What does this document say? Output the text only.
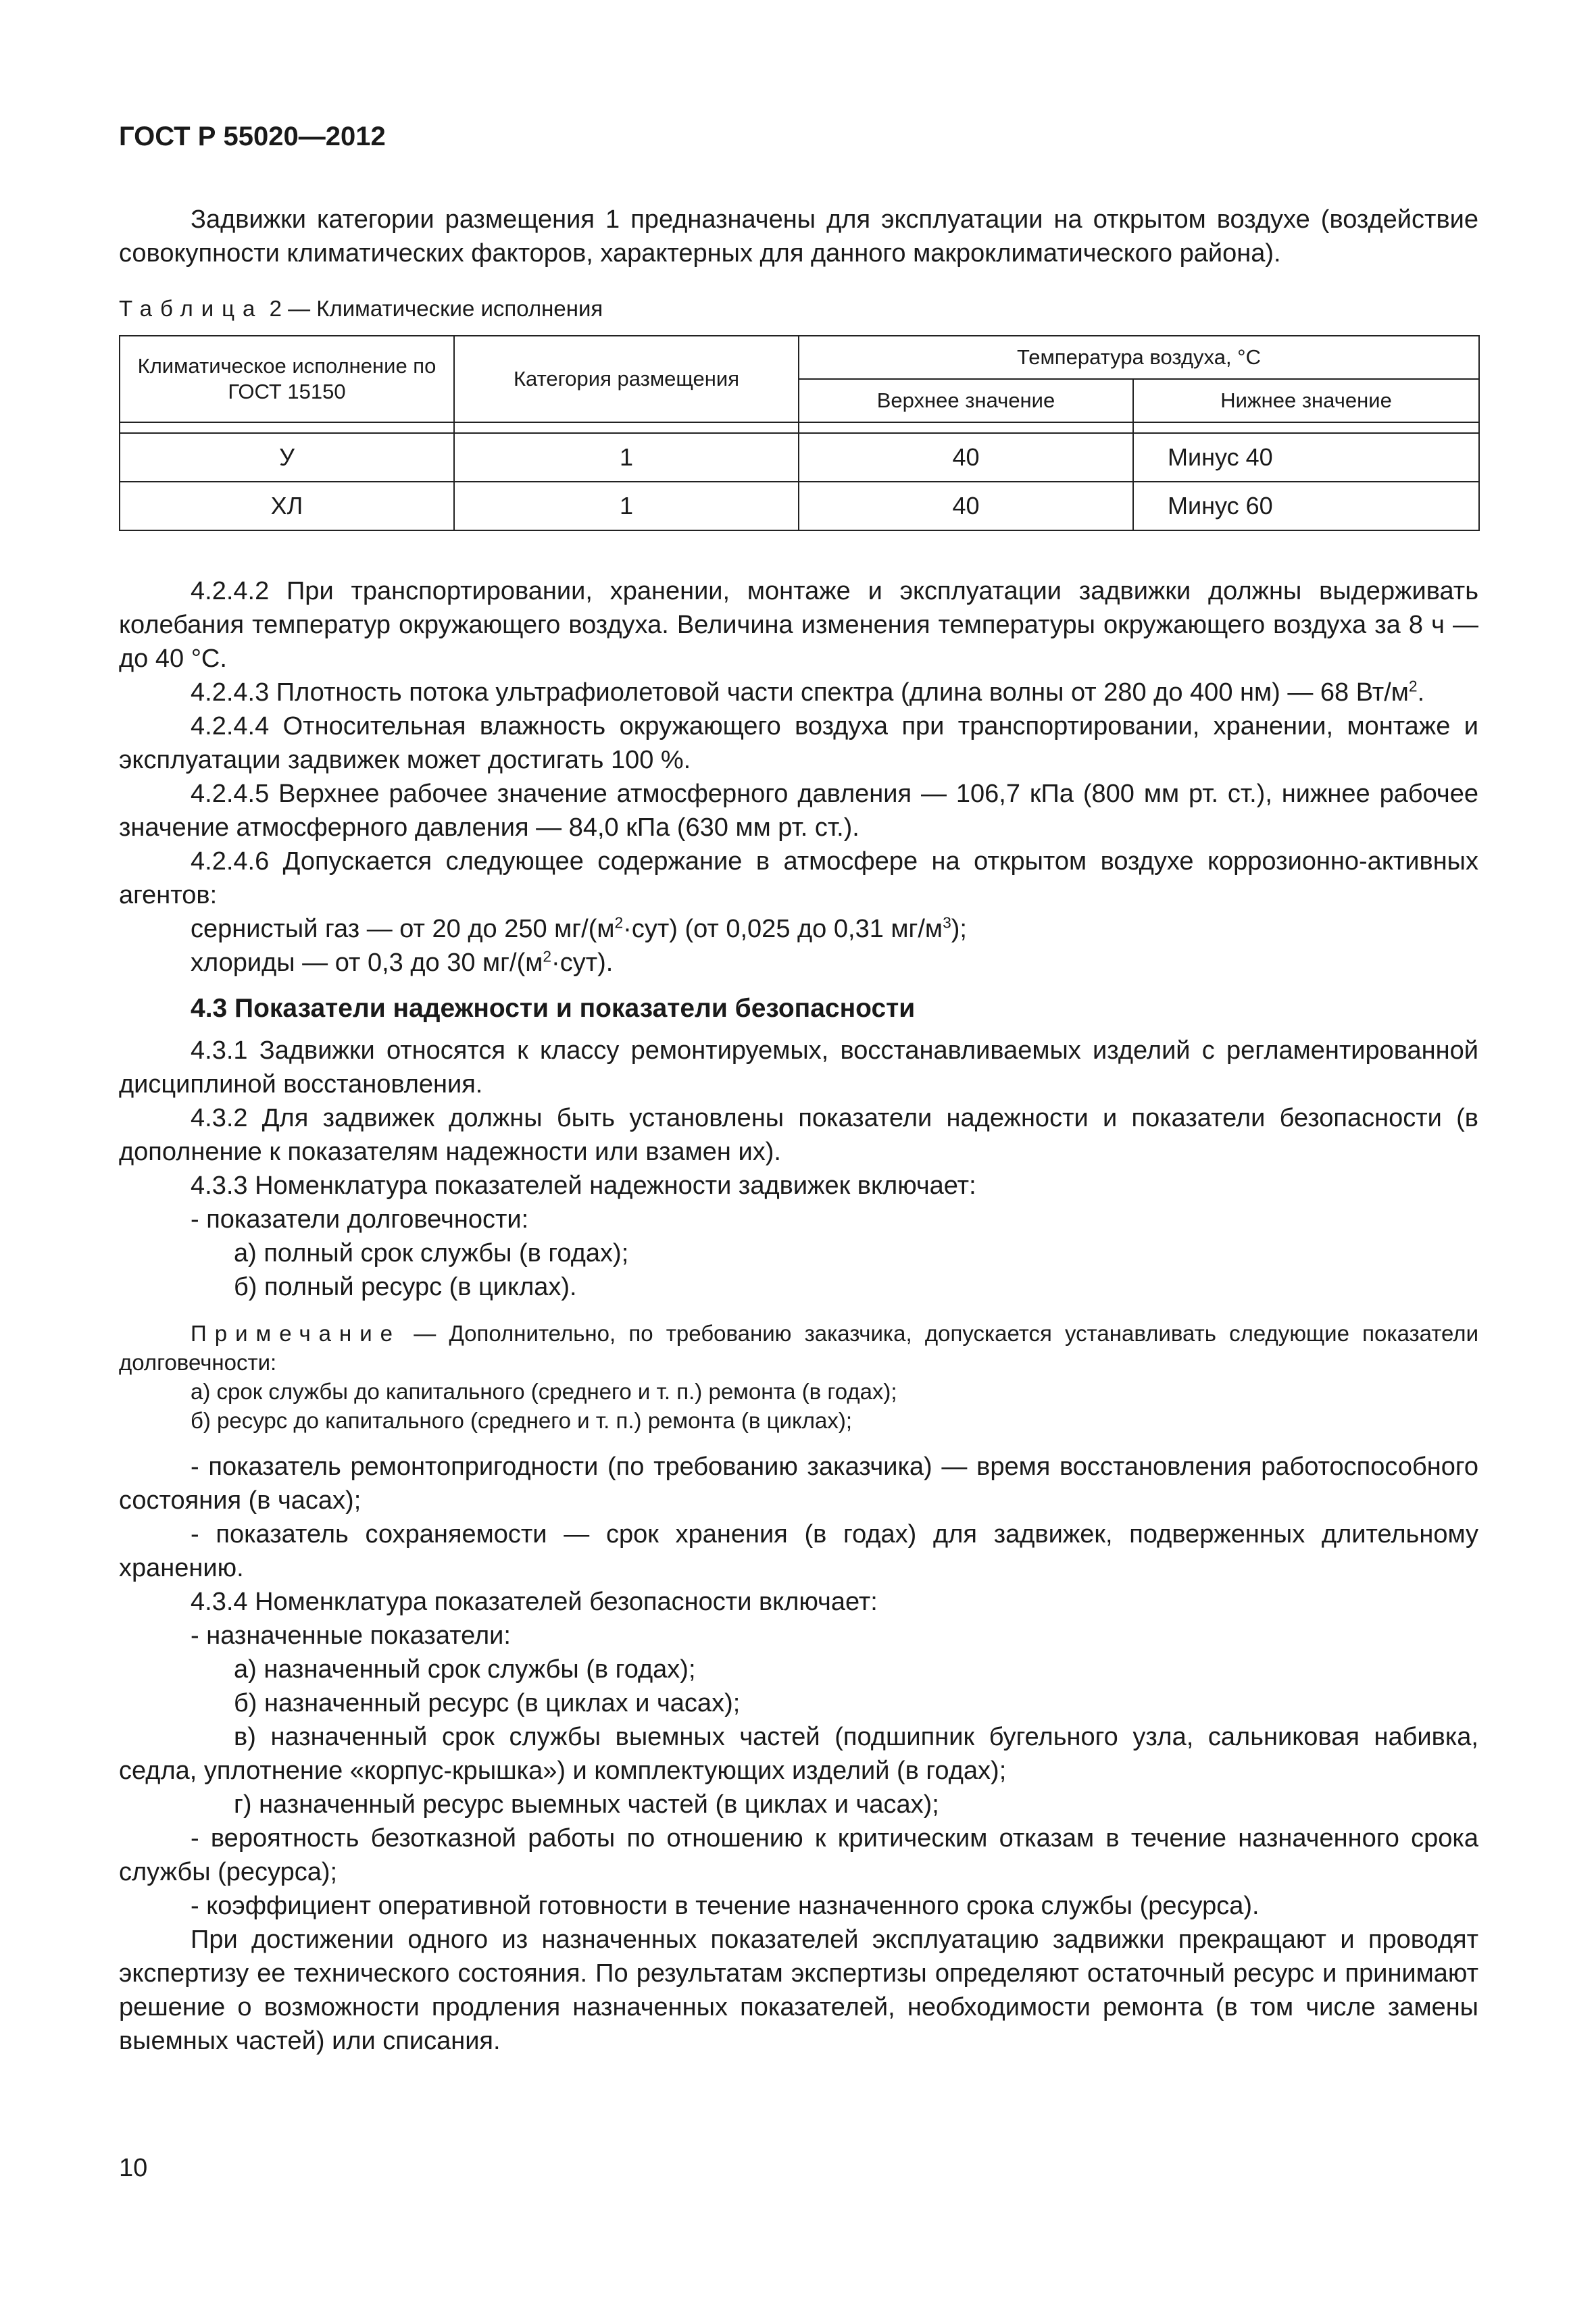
ГОСТ Р 55020—2012

Задвижки категории размещения 1 предназначены для эксплуатации на открытом воздухе (воздействие совокупности климатических факторов, характерных для данного макроклиматического района).

Таблица 2 — Климатические исполнения
Климатическое исполнение по ГОСТ 15150	Категория размещения	Температура воздуха, °С	
		Верхнее значение	Нижнее значение

У	1	40	Минус 40
ХЛ	1	40	Минус 60

4.2.4.2 При транспортировании, хранении, монтаже и эксплуатации задвижки должны выдерживать колебания температур окружающего воздуха. Величина изменения температуры окружающего воздуха за 8 ч — до 40 °С.

4.2.4.3 Плотность потока ультрафиолетовой части спектра (длина волны от 280 до 400 нм) — 68 $Вт/м^2$.

4.2.4.4 Относительная влажность окружающего воздуха при транспортировании, хранении, монтаже и эксплуатации задвижек может достигать 100 %.

4.2.4.5 Верхнее рабочее значение атмосферного давления — 106,7 кПа (800 мм рт. ст.), нижнее рабочее значение атмосферного давления — 84,0 кПа (630 мм рт. ст.).

4.2.4.6 Допускается следующее содержание в атмосфере на открытом воздухе коррозионно-активных агентов:

сернистый газ — от 20 до 250 $мг/(м^2\cdot сут)$ (от 0,025 до 0,31 $мг/м^3$);

хлориды — от 0,3 до 30 $мг/(м^2\cdot сут)$.

4.3 Показатели надежности и показатели безопасности

4.3.1 Задвижки относятся к классу ремонтируемых, восстанавливаемых изделий с регламентированной дисциплиной восстановления.

4.3.2 Для задвижек должны быть установлены показатели надежности и показатели безопасности (в дополнение к показателям надежности или взамен их).

4.3.3 Номенклатура показателей надежности задвижек включает:

- показатели долговечности:

а) полный срок службы (в годах);

б) полный ресурс (в циклах).

Примечание — Дополнительно, по требованию заказчика, допускается устанавливать следующие показатели долговечности:

а) срок службы до капитального (среднего и т. п.) ремонта (в годах);

б) ресурс до капитального (среднего и т. п.) ремонта (в циклах);

- показатель ремонтопригодности (по требованию заказчика) — время восстановления работоспособного состояния (в часах);

- показатель сохраняемости — срок хранения (в годах) для задвижек, подверженных длительному хранению.

4.3.4 Номенклатура показателей безопасности включает:

- назначенные показатели:

а) назначенный срок службы (в годах);

б) назначенный ресурс (в циклах и часах);

в) назначенный срок службы выемных частей (подшипник бугельного узла, сальниковая набивка, седла, уплотнение «корпус-крышка») и комплектующих изделий (в годах);

г) назначенный ресурс выемных частей (в циклах и часах);

- вероятность безотказной работы по отношению к критическим отказам в течение назначенного срока службы (ресурса);

- коэффициент оперативной готовности в течение назначенного срока службы (ресурса).

При достижении одного из назначенных показателей эксплуатацию задвижки прекращают и проводят экспертизу ее технического состояния. По результатам экспертизы определяют остаточный ресурс и принимают решение о возможности продления назначенных показателей, необходимости ремонта (в том числе замены выемных частей) или списания.

10
